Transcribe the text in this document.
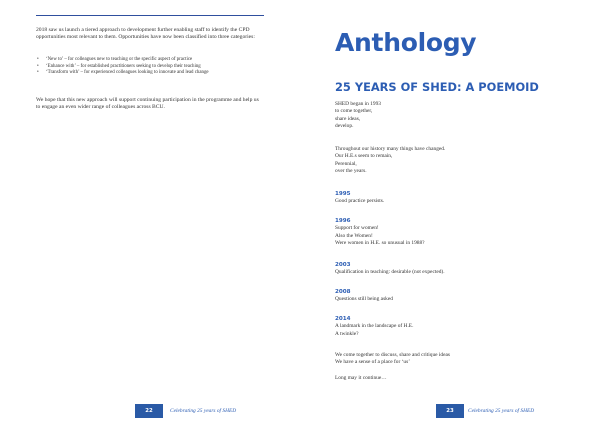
2018 saw us launch a tiered approach to development further enabling staff to identify the CPD opportunities most relevant to them. Opportunities have now been classified into three categories:

• ‘New to’ – for colleagues new to teaching or the specific aspect of practice
• ‘Enhance with’ – for established practitioners seeking to develop their teaching
• ‘Transform with’ – for experienced colleagues looking to innovate and lead change

We hope that this new approach will support continuing participation in the programme and help us to engage an even wider range of colleagues across BCU.

22	Celebrating 25 years of SHED
Anthology
25 YEARS OF SHED: A POEMOID
SHED began in 1993
to come together,
share ideas,
develop.
Throughout our history many things have changed.
Our H.E.s seem to remain,
Perennial,
over the years.
1995
Good practice persists.
1996
Support for women!
Also the Women!
Were women in H.E. so unusual in 1988?
2003
Qualification in teaching: desirable (not expected).
2008
Questions still being asked
2014
A landmark in the landscape of H.E.
A twinkle?
We come together to discuss, share and critique ideas
We have a sense of a place for ‘us’
Long may it continue…
23	Celebrating 25 years of SHED
